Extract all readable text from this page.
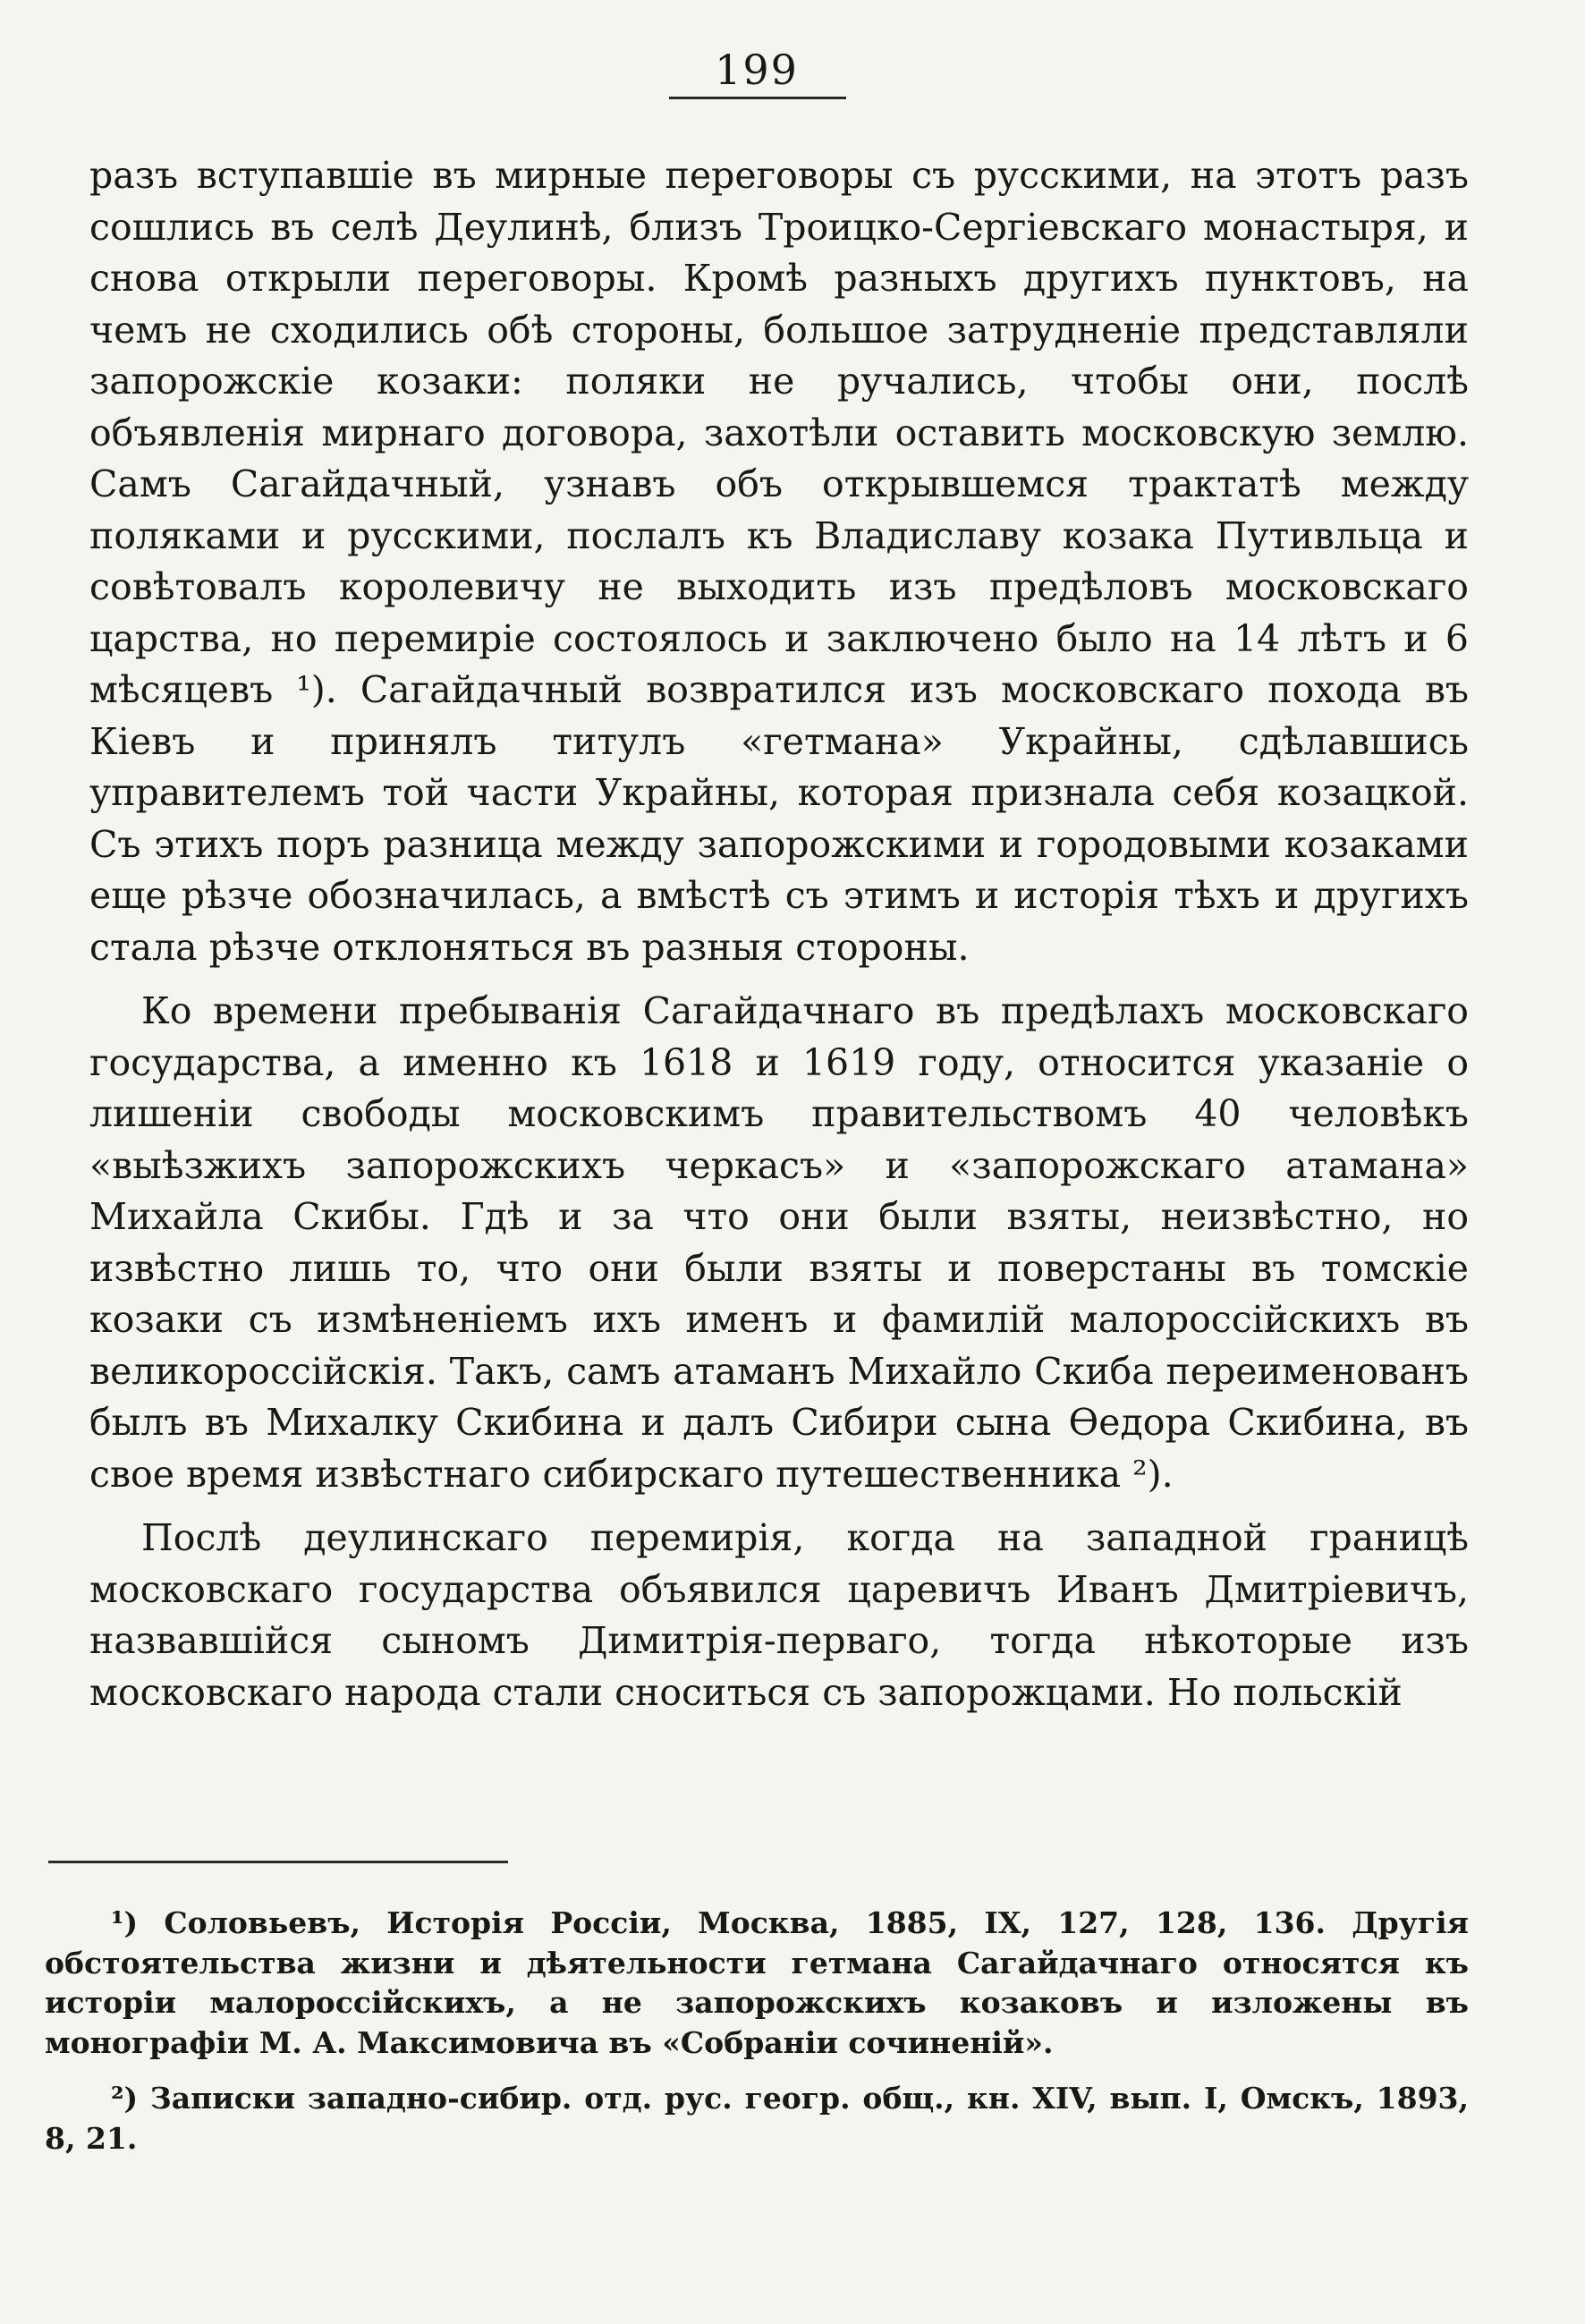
199

разъ вступавшіе въ мирные переговоры съ русскими, на этотъ разъ сошлись въ селѣ Деулинѣ, близъ Троицко-Сергіевскаго монастыря, и снова открыли переговоры. Кромѣ разныхъ другихъ пунктовъ, на чемъ не сходились обѣ стороны, большое затрудненіе представляли запорожскіе козаки: поляки не ручались, чтобы они, послѣ объявленія мирнаго договора, захотѣли оставить московскую землю. Самъ Сагайдачный, узнавъ объ открывшемся трактатѣ между поляками и русскими, послалъ къ Владиславу козака Путивльца и совѣтовалъ королевичу не выходить изъ предѣловъ московскаго царства, но перемиріе состоялось и заключено было на 14 лѣтъ и 6 мѣсяцевъ ¹). Сагайдачный возвратился изъ московскаго похода въ Кіевъ и принялъ титулъ «гетмана» Украйны, сдѣлавшись управителемъ той части Украйны, которая признала себя козацкой. Съ этихъ поръ разница между запорожскими и городовыми козаками еще рѣзче обозначилась, а вмѣстѣ съ этимъ и исторія тѣхъ и другихъ стала рѣзче отклоняться въ разныя стороны.

Ко времени пребыванія Сагайдачнаго въ предѣлахъ московскаго государства, а именно къ 1618 и 1619 году, относится указаніе о лишеніи свободы московскимъ правительствомъ 40 человѣкъ «выѣзжихъ запорожскихъ черкасъ» и «запорожскаго атамана» Михайла Скибы. Гдѣ и за что они были взяты, неизвѣстно, но извѣстно лишь то, что они были взяты и поверстаны въ томскіе козаки съ измѣненіемъ ихъ именъ и фамилій малороссійскихъ въ великороссійскія. Такъ, самъ атаманъ Михайло Скиба переименованъ былъ въ Михалку Скибина и далъ Сибири сына Ѳедора Скибина, въ свое время извѣстнаго сибирскаго путешественника ²).

Послѣ деулинскаго перемирія, когда на западной границѣ московскаго государства объявился царевичъ Иванъ Дмитріевичъ, назвавшійся сыномъ Димитрія-перваго, тогда нѣкоторые изъ московскаго народа стали сноситься съ запорожцами. Но польскій

¹) Соловьевъ, Исторія Россіи, Москва, 1885, IX, 127, 128, 136. Другія обстоятельства жизни и дѣятельности гетмана Сагайдачнаго относятся къ исторіи малороссійскихъ, а не запорожскихъ козаковъ и изложены въ монографіи М. А. Максимовича въ «Собраніи сочиненій».

²) Записки западно-сибир. отд. рус. геогр. общ., кн. XIV, вып. I, Омскъ, 1893, 8, 21.
